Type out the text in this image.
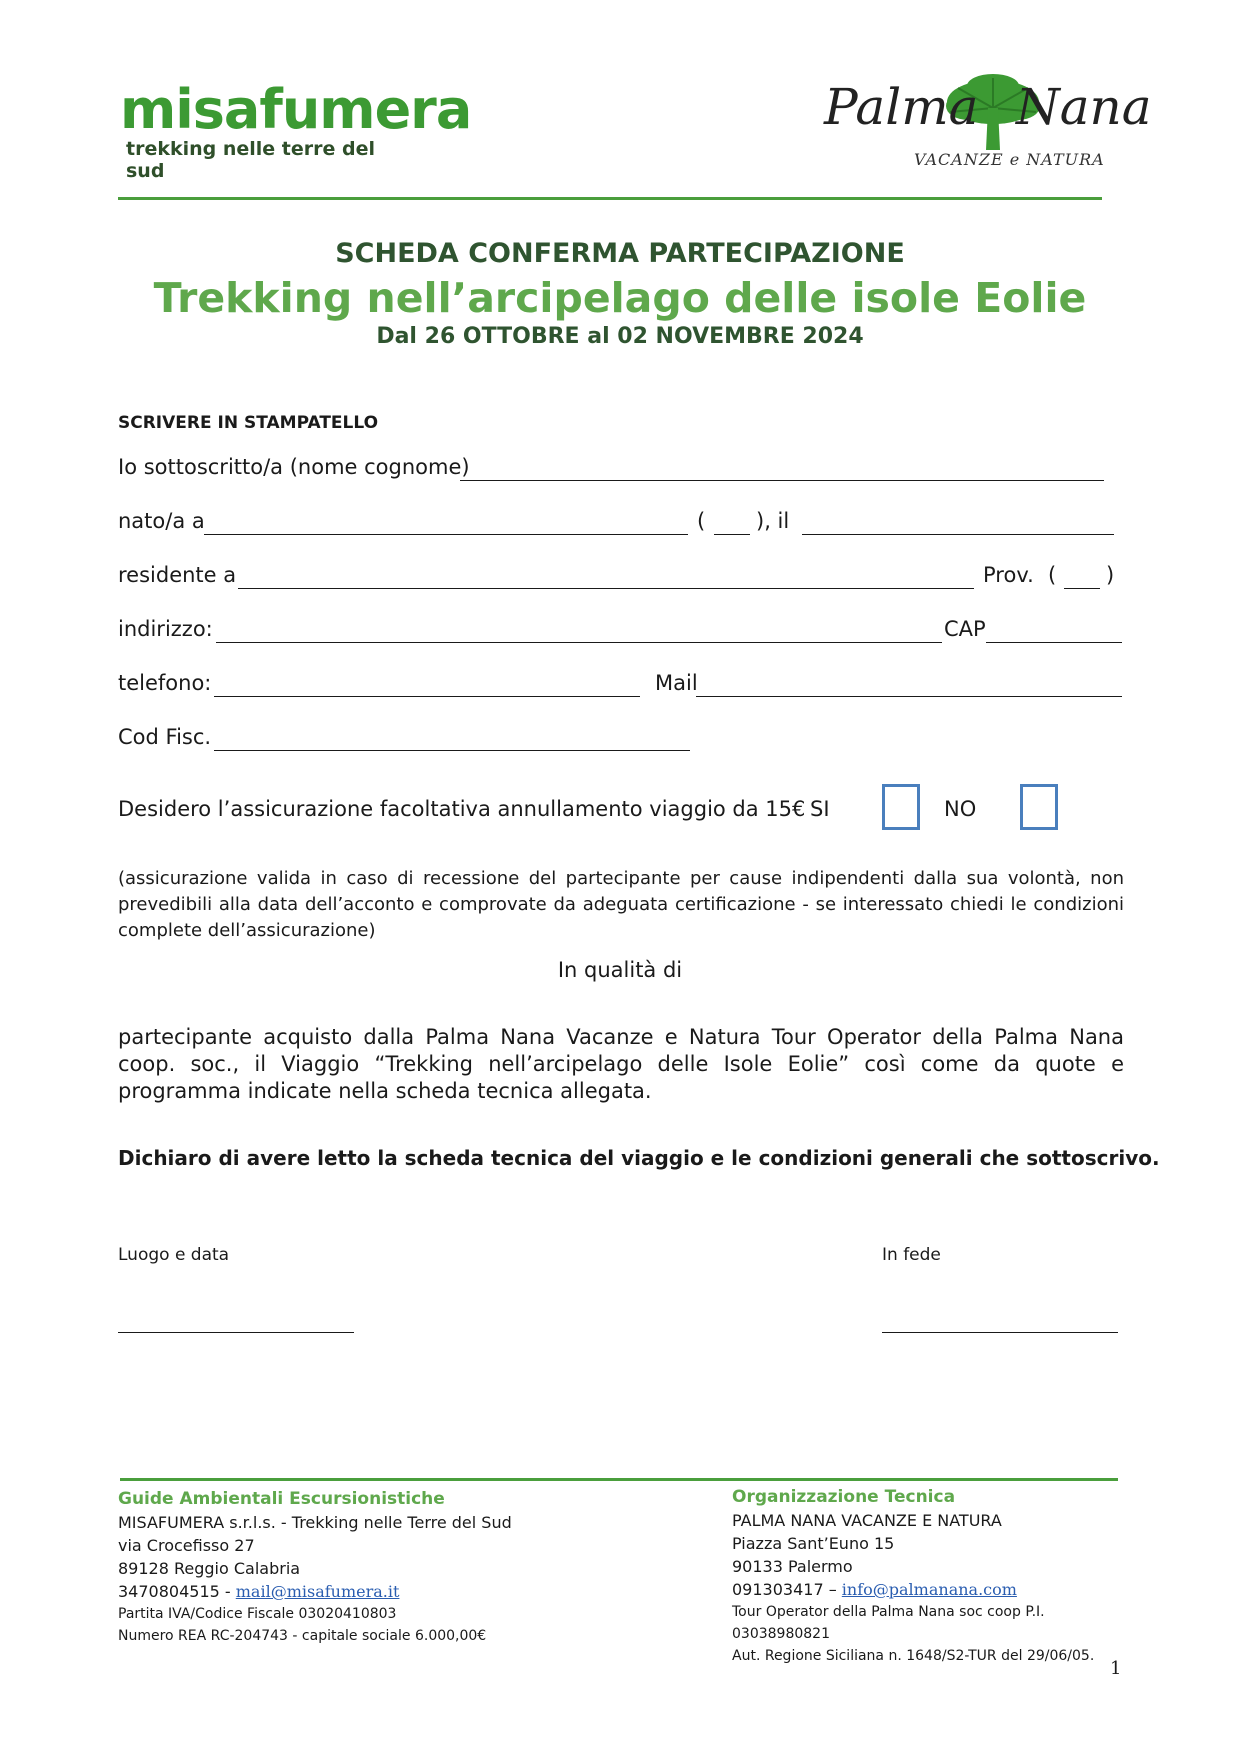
misafumera
trekking nelle terre del sud
Palma Nana
VACANZE e NATURA
SCHEDA CONFERMA PARTECIPAZIONE
Trekking nell’arcipelago delle isole Eolie
Dal 26 OTTOBRE al 02 NOVEMBRE 2024
SCRIVERE IN STAMPATELLO
Io sottoscritto/a (nome cognome)
nato/a a	( ), il
residente a	Prov. ( )
indirizzo:	CAP
telefono:	Mail
Cod Fisc.
Desidero l’assicurazione facoltativa annullamento viaggio da 15€ SI	NO
(assicurazione valida in caso di recessione del partecipante per cause indipendenti dalla sua volontà, non prevedibili alla data dell’acconto e comprovate da adeguata certificazione - se interessato chiedi le condizioni complete dell’assicurazione)
In qualità di
partecipante acquisto dalla Palma Nana Vacanze e Natura Tour Operator della Palma Nana coop. soc., il Viaggio “Trekking nell’arcipelago delle Isole Eolie” così come da quote e programma indicate nella scheda tecnica allegata.
Dichiaro di avere letto la scheda tecnica del viaggio e le condizioni generali che sottoscrivo.
Luogo e data	In fede
Guide Ambientali Escursionistiche
MISAFUMERA s.r.l.s. - Trekking nelle Terre del Sud
via Crocefisso 27
89128 Reggio Calabria
3470804515 - mail@misafumera.it
Partita IVA/Codice Fiscale 03020410803
Numero REA RC-204743 - capitale sociale 6.000,00€
Organizzazione Tecnica
PALMA NANA VACANZE E NATURA
Piazza Sant’Euno 15
90133 Palermo
091303417 – info@palmanana.com
Tour Operator della Palma Nana soc coop P.I. 03038980821
Aut. Regione Siciliana n. 1648/S2-TUR del 29/06/05.
1
